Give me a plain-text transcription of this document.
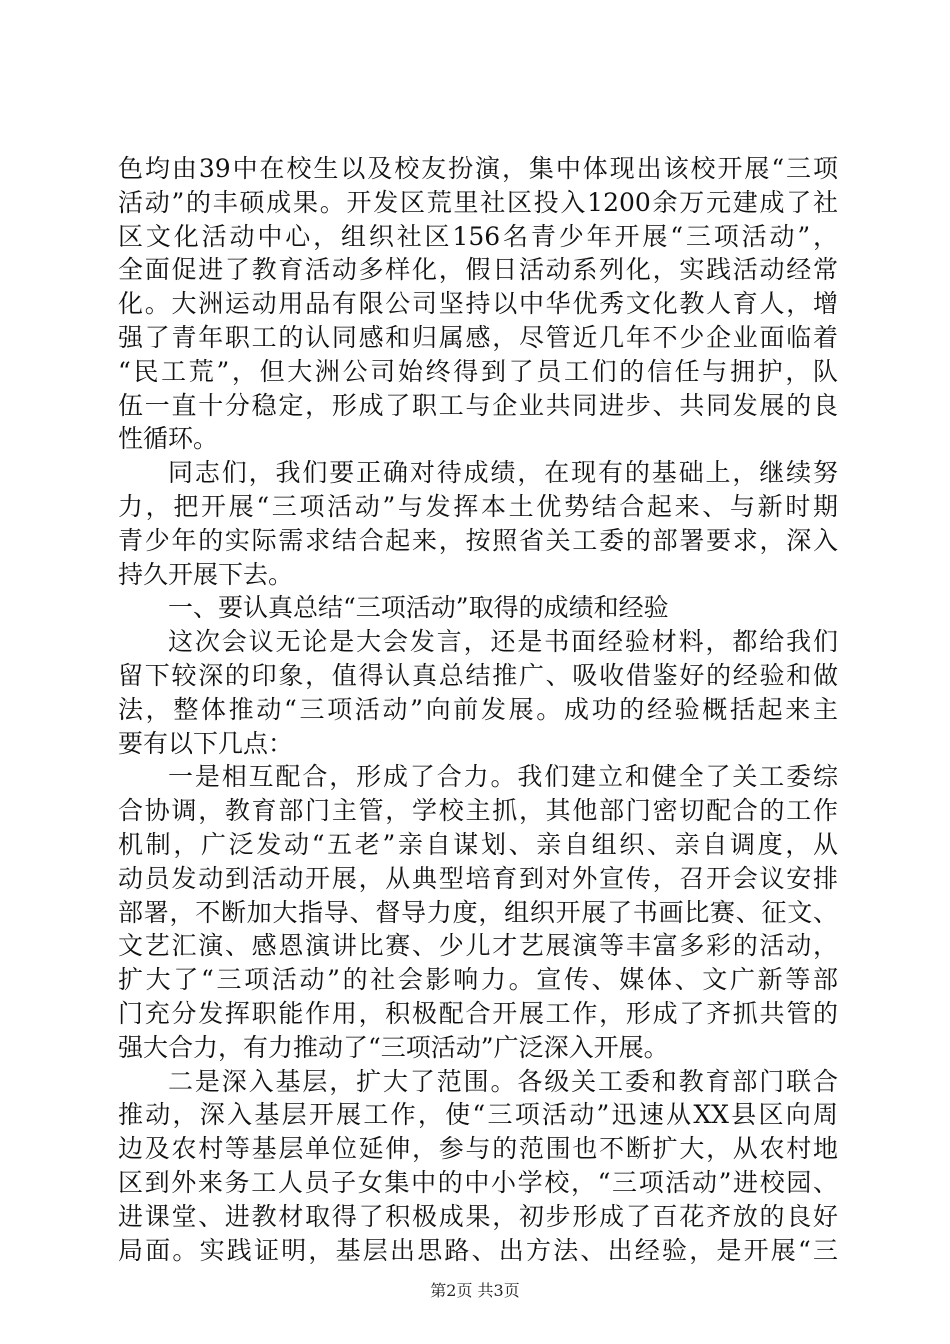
色均由39中在校生以及校友扮演，集中体现出该校开展“三项
活动”的丰硕成果。开发区荒里社区投入1200余万元建成了社
区文化活动中心，组织社区156名青少年开展“三项活动”，
全面促进了教育活动多样化，假日活动系列化，实践活动经常
化。大洲运动用品有限公司坚持以中华优秀文化教人育人，增
强了青年职工的认同感和归属感，尽管近几年不少企业面临着
“民工荒”，但大洲公司始终得到了员工们的信任与拥护，队
伍一直十分稳定，形成了职工与企业共同进步、共同发展的良
性循环。
同志们，我们要正确对待成绩，在现有的基础上，继续努
力，把开展“三项活动”与发挥本土优势结合起来、与新时期
青少年的实际需求结合起来，按照省关工委的部署要求，深入
持久开展下去。
一、要认真总结“三项活动”取得的成绩和经验
这次会议无论是大会发言，还是书面经验材料，都给我们
留下较深的印象，值得认真总结推广、吸收借鉴好的经验和做
法，整体推动“三项活动”向前发展。成功的经验概括起来主
要有以下几点：
一是相互配合，形成了合力。我们建立和健全了关工委综
合协调，教育部门主管，学校主抓，其他部门密切配合的工作
机制，广泛发动“五老”亲自谋划、亲自组织、亲自调度，从
动员发动到活动开展，从典型培育到对外宣传，召开会议安排
部署，不断加大指导、督导力度，组织开展了书画比赛、征文、
文艺汇演、感恩演讲比赛、少儿才艺展演等丰富多彩的活动，
扩大了“三项活动”的社会影响力。宣传、媒体、文广新等部
门充分发挥职能作用，积极配合开展工作，形成了齐抓共管的
强大合力，有力推动了“三项活动”广泛深入开展。
二是深入基层，扩大了范围。各级关工委和教育部门联合
推动，深入基层开展工作，使“三项活动”迅速从XX县区向周
边及农村等基层单位延伸，参与的范围也不断扩大，从农村地
区到外来务工人员子女集中的中小学校，“三项活动”进校园、
进课堂、进教材取得了积极成果，初步形成了百花齐放的良好
局面。实践证明，基层出思路、出方法、出经验，是开展“三
第2页 共3页
